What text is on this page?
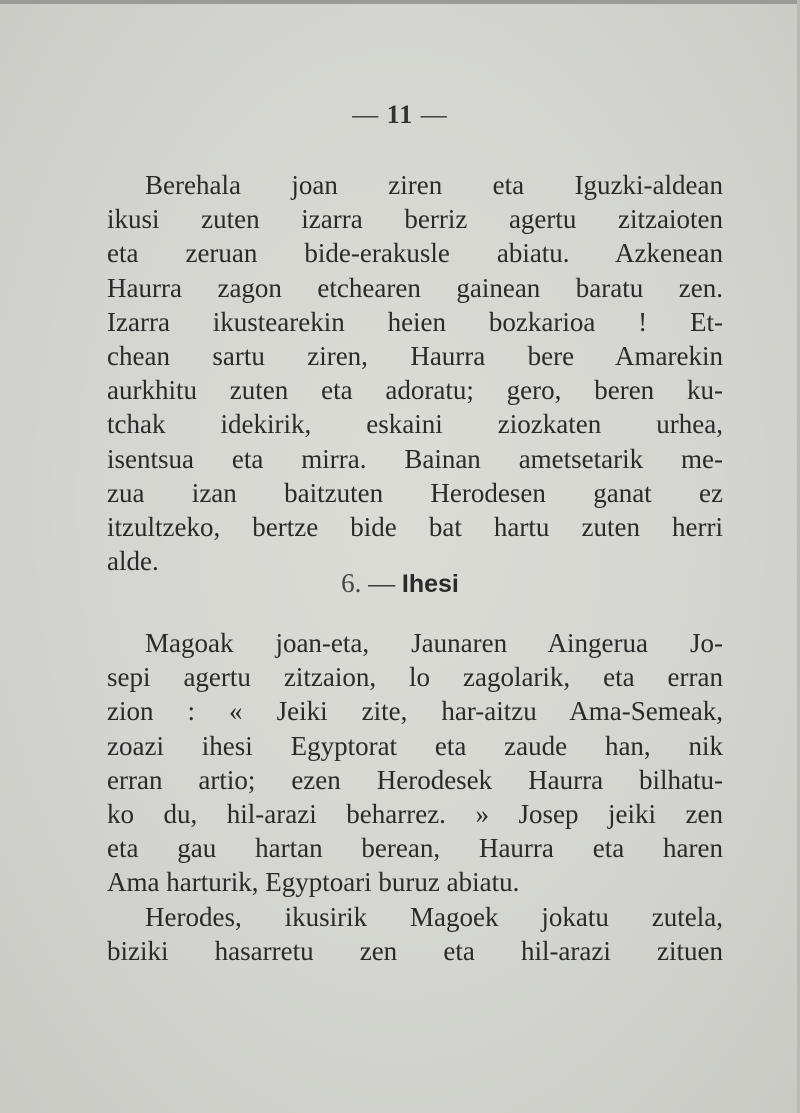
— 11 —
Berehala joan ziren eta Iguzki-aldean
ikusi zuten izarra berriz agertu zitzaioten
eta zeruan bide-erakusle abiatu. Azkenean
Haurra zagon etchearen gainean baratu zen.
Izarra ikustearekin heien bozkarioa ! Et-
chean sartu ziren, Haurra bere Amarekin
aurkhitu zuten eta adoratu; gero, beren ku-
tchak idekirik, eskaini ziozkaten urhea,
isentsua eta mirra. Bainan ametsetarik me-
zua izan baitzuten Herodesen ganat ez
itzultzeko, bertze bide bat hartu zuten herri
alde.
6. — Ihesi
Magoak joan-eta, Jaunaren Aingerua Jo-
sepi agertu zitzaion, lo zagolarik, eta erran
zion : « Jeiki zite, har-aitzu Ama-Semeak,
zoazi ihesi Egyptorat eta zaude han, nik
erran artio; ezen Herodesek Haurra bilhatu-
ko du, hil-arazi beharrez. » Josep jeiki zen
eta gau hartan berean, Haurra eta haren
Ama harturik, Egyptoari buruz abiatu.
Herodes, ikusirik Magoek jokatu zutela,
biziki hasarretu zen eta hil-arazi zituen
